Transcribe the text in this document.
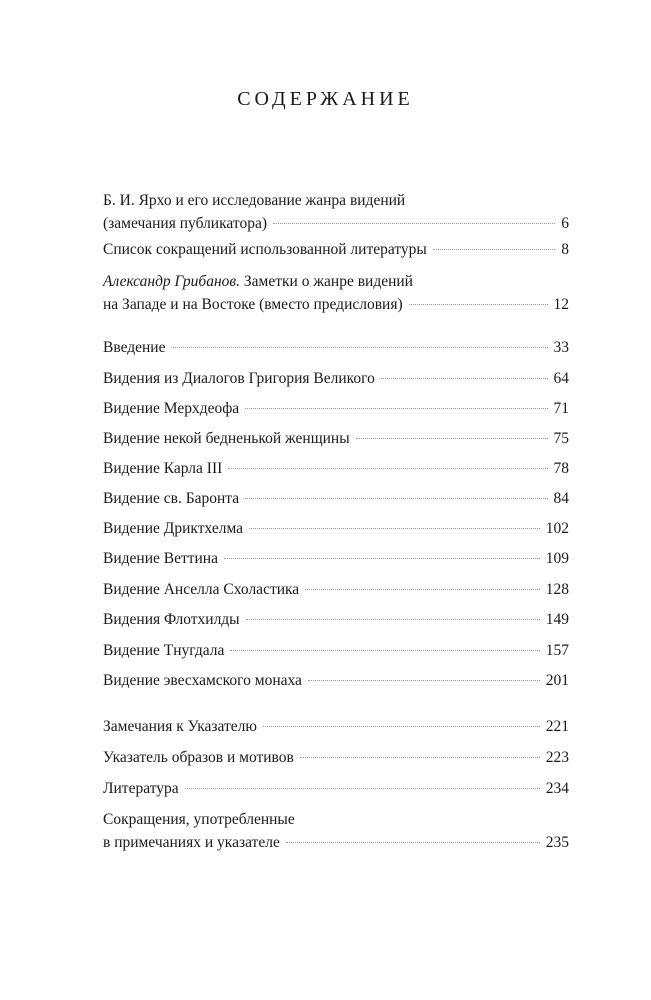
СОДЕРЖАНИЕ
Б. И. Ярхо и его исследование жанра видений
(замечания публикатора)	6
Список сокращений использованной литературы	8
Александр Грибанов. Заметки о жанре видений
на Западе и на Востоке (вместо предисловия)	12
Введение	33
Видения из Диалогов Григория Великого	64
Видение Мерхдеофа	71
Видение некой бедненькой женщины	75
Видение Карла III	78
Видение св. Баронта	84
Видение Дриктхелма	102
Видение Веттина	109
Видение Анселла Схоластика	128
Видения Флотхилды	149
Видение Тнугдала	157
Видение эвесхамского монаха	201
Замечания к Указателю	221
Указатель образов и мотивов	223
Литература	234
Сокращения, употребленные
в примечаниях и указателе	235
